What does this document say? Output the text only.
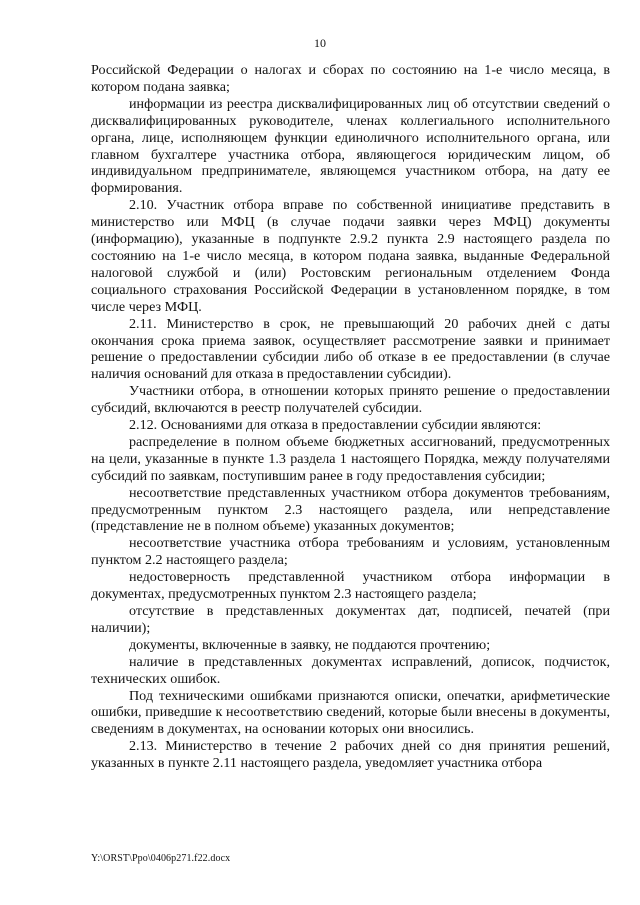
10

Российской Федерации о налогах и сборах по состоянию на 1-е число месяца, в котором подана заявка;

информации из реестра дисквалифицированных лиц об отсутствии сведений о дисквалифицированных руководителе, членах коллегиального исполнительного органа, лице, исполняющем функции единоличного исполнительного органа, или главном бухгалтере участника отбора, являющегося юридическим лицом, об индивидуальном предпринимателе, являющемся участником отбора, на дату ее формирования.

2.10. Участник отбора вправе по собственной инициативе представить в министерство или МФЦ (в случае подачи заявки через МФЦ) документы (информацию), указанные в подпункте 2.9.2 пункта 2.9 настоящего раздела по состоянию на 1-е число месяца, в котором подана заявка, выданные Федеральной налоговой службой и (или) Ростовским региональным отделением Фонда социального страхования Российской Федерации в установленном порядке, в том числе через МФЦ.

2.11. Министерство в срок, не превышающий 20 рабочих дней с даты окончания срока приема заявок, осуществляет рассмотрение заявки и принимает решение о предоставлении субсидии либо об отказе в ее предоставлении (в случае наличия оснований для отказа в предоставлении субсидии).

Участники отбора, в отношении которых принято решение о предоставлении субсидий, включаются в реестр получателей субсидии.

2.12. Основаниями для отказа в предоставлении субсидии являются:

распределение в полном объеме бюджетных ассигнований, предусмотренных на цели, указанные в пункте 1.3 раздела 1 настоящего Порядка, между получателями субсидий по заявкам, поступившим ранее в году предоставления субсидии;

несоответствие представленных участником отбора документов требованиям, предусмотренным пунктом 2.3 настоящего раздела, или непредставление (представление не в полном объеме) указанных документов;

несоответствие участника отбора требованиям и условиям, установленным пунктом 2.2 настоящего раздела;

недостоверность представленной участником отбора информации в документах, предусмотренных пунктом 2.3 настоящего раздела;

отсутствие в представленных документах дат, подписей, печатей (при наличии);

документы, включенные в заявку, не поддаются прочтению;

наличие в представленных документах исправлений, дописок, подчисток, технических ошибок.

Под техническими ошибками признаются описки, опечатки, арифметические ошибки, приведшие к несоответствию сведений, которые были внесены в документы, сведениям в документах, на основании которых они вносились.

2.13. Министерство в течение 2 рабочих дней со дня принятия решений, указанных в пункте 2.11 настоящего раздела, уведомляет участника отбора

Y:\ORST\Ppo\0406p271.f22.docx
